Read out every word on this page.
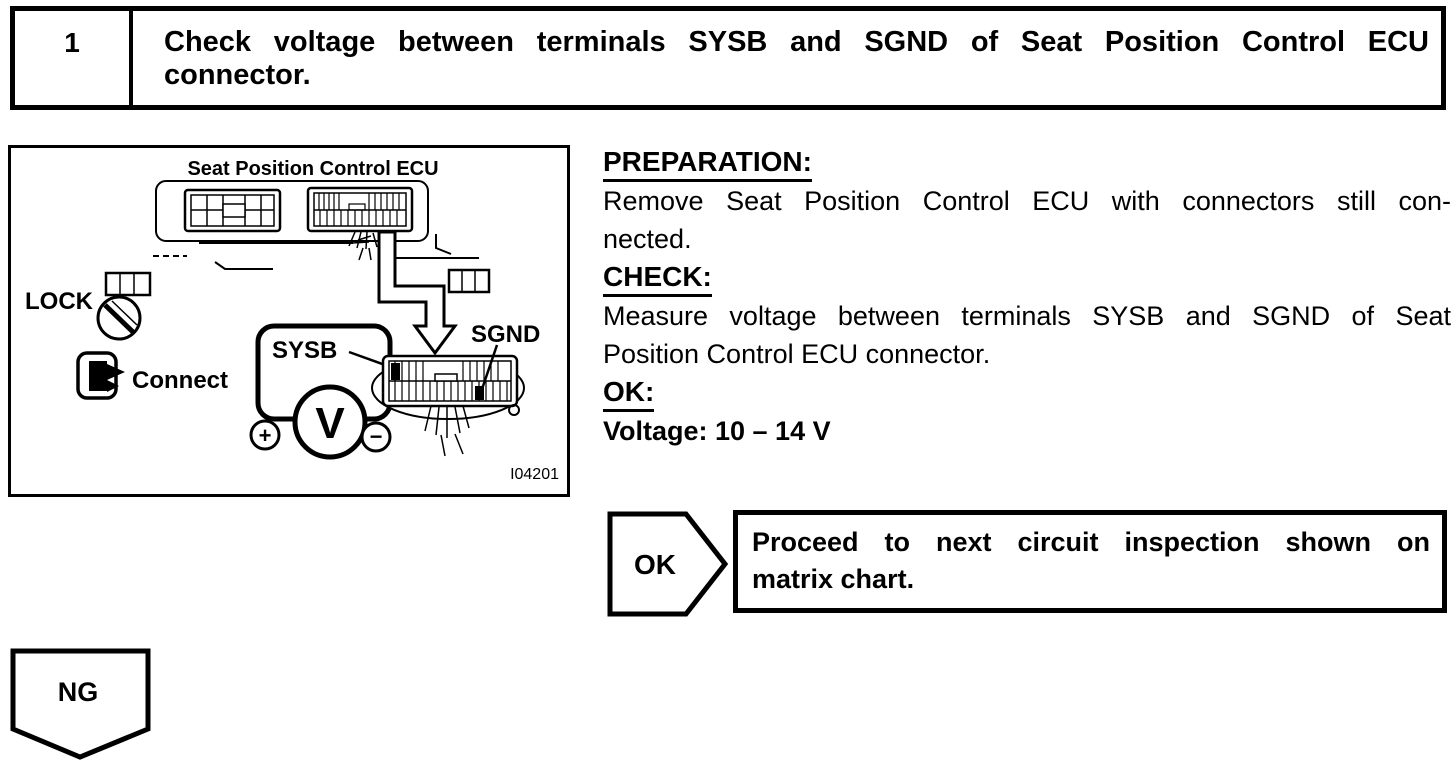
1	Check voltage between terminals SYSB and SGND of Seat Position Control ECU
connector.
Seat Position Control ECU
SYSB
V
+	−
SGND
LOCK
Connect
I04201
PREPARATION:
Remove Seat Position Control ECU with connectors still con-
nected.
CHECK:
Measure voltage between terminals SYSB and SGND of Seat
Position Control ECU connector.
OK:
Voltage: 10 – 14 V
OK
Proceed to next circuit inspection shown on
matrix chart.
NG
